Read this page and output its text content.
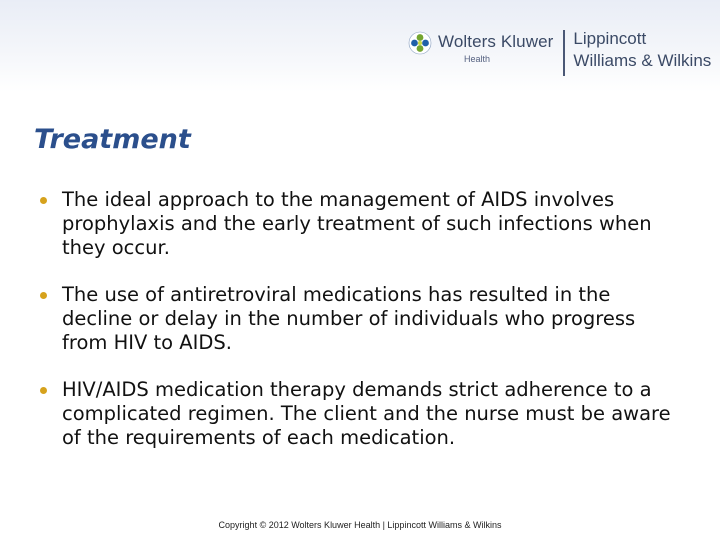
Wolters Kluwer
Health
Lippincott
Williams & Wilkins
Treatment
The ideal approach to the management of AIDS involves prophylaxis and the early treatment of such infections when they occur.
The use of antiretroviral medications has resulted in the decline or delay in the number of individuals who progress from HIV to AIDS.
HIV/AIDS medication therapy demands strict adherence to a complicated regimen. The client and the nurse must be aware of the requirements of each medication.
Copyright © 2012 Wolters Kluwer Health | Lippincott Williams & Wilkins
